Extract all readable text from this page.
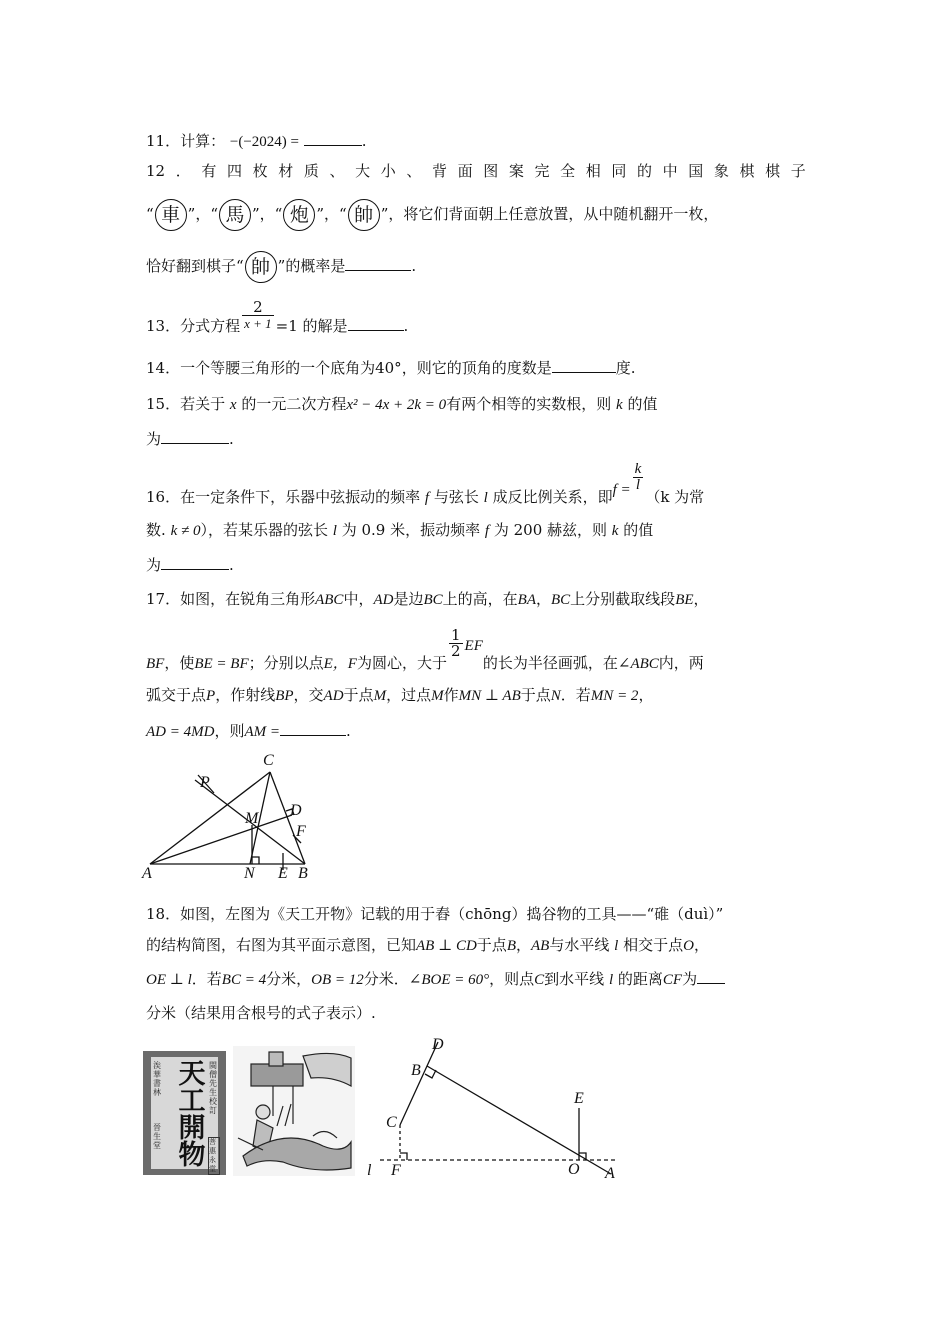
11．计算： −(−2024) =	.
12 ． 有 四 枚 材 质 、 大 小 、 背 面 图 案 完 全 相 同 的 中 国 象 棋 棋 子
“ 車 ”，“ 馬 ”，“ 炮 ”，“ 帥 ”，将它们背面朝上任意放置，从中随机翻开一枚，
恰好翻到棋子“ 帥 ”的概率是	.
13．分式方程 $\frac{2}{x + 1} =1$ 的解是	.
14．一个等腰三角形的一个底角为40°，则它的顶角的度数是	度.
15．若关于 x 的一元二次方程x² − 4x + 2k = 0有两个相等的实数根，则 k 的值
为	.
16．在一定条件下，乐器中弦振动的频率 f 与弦长 l 成反比例关系，即$f = \frac{k}{l}$
（k 为常
数. k ≠ 0），若某乐器的弦长 l 为 0.9 米，振动频率 f 为 200 赫兹，则 k 的值
为	.
17．如图，在锐角三角形ABC中，AD是边BC上的高，在BA，BC上分别截取线段BE，
BF，使BE = BF；分别以点E，F为圆心，大于
$\frac{1}{2}$ EF的长为半径画弧，在∠ABC内，两
弧交于点P，作射线BP，交AD于点M，过点M作MN ⊥ AB于点N．若MN = 2，
AD = 4MD，则AM =	.
A	B
C
D
E
F
M
N
P
18．如图，左图为《天工开物》记载的用于舂（chōng）捣谷物的工具——“碓（duì）”
的结构简图，右图为其平面示意图，已知AB ⊥ CD于点B，AB与水平线 l 相交于点O，
OE ⊥ l．若BC = 4分米，OB = 12分米．∠BOE = 60°，则点C到水平线 l 的距离CF为
分米（结果用含根号的式子表示）.
涘華書林
晉生堂
天工開物
閩僧先生校訂
菩惠永堂
D
B
C
F
l
E
O A
